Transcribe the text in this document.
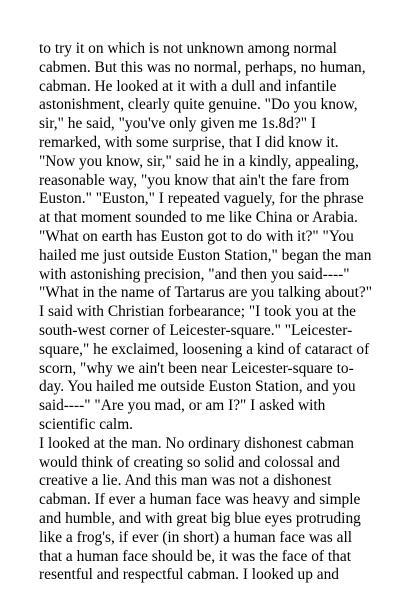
to try it on which is not unknown among normal
cabmen. But this was no normal, perhaps, no human,
cabman. He looked at it with a dull and infantile
astonishment, clearly quite genuine. "Do you know,
sir," he said, "you've only given me 1s.8d?" I
remarked, with some surprise, that I did know it.
"Now you know, sir," said he in a kindly, appealing,
reasonable way, "you know that ain't the fare from
Euston." "Euston," I repeated vaguely, for the phrase
at that moment sounded to me like China or Arabia.
"What on earth has Euston got to do with it?" "You
hailed me just outside Euston Station," began the man
with astonishing precision, "and then you said----"
"What in the name of Tartarus are you talking about?"
I said with Christian forbearance; "I took you at the
south-west corner of Leicester-square." "Leicester-
square," he exclaimed, loosening a kind of cataract of
scorn, "why we ain't been near Leicester-square to-
day. You hailed me outside Euston Station, and you
said----" "Are you mad, or am I?" I asked with
scientific calm.
I looked at the man. No ordinary dishonest cabman
would think of creating so solid and colossal and
creative a lie. And this man was not a dishonest
cabman. If ever a human face was heavy and simple
and humble, and with great big blue eyes protruding
like a frog's, if ever (in short) a human face was all
that a human face should be, it was the face of that
resentful and respectful cabman. I looked up and
